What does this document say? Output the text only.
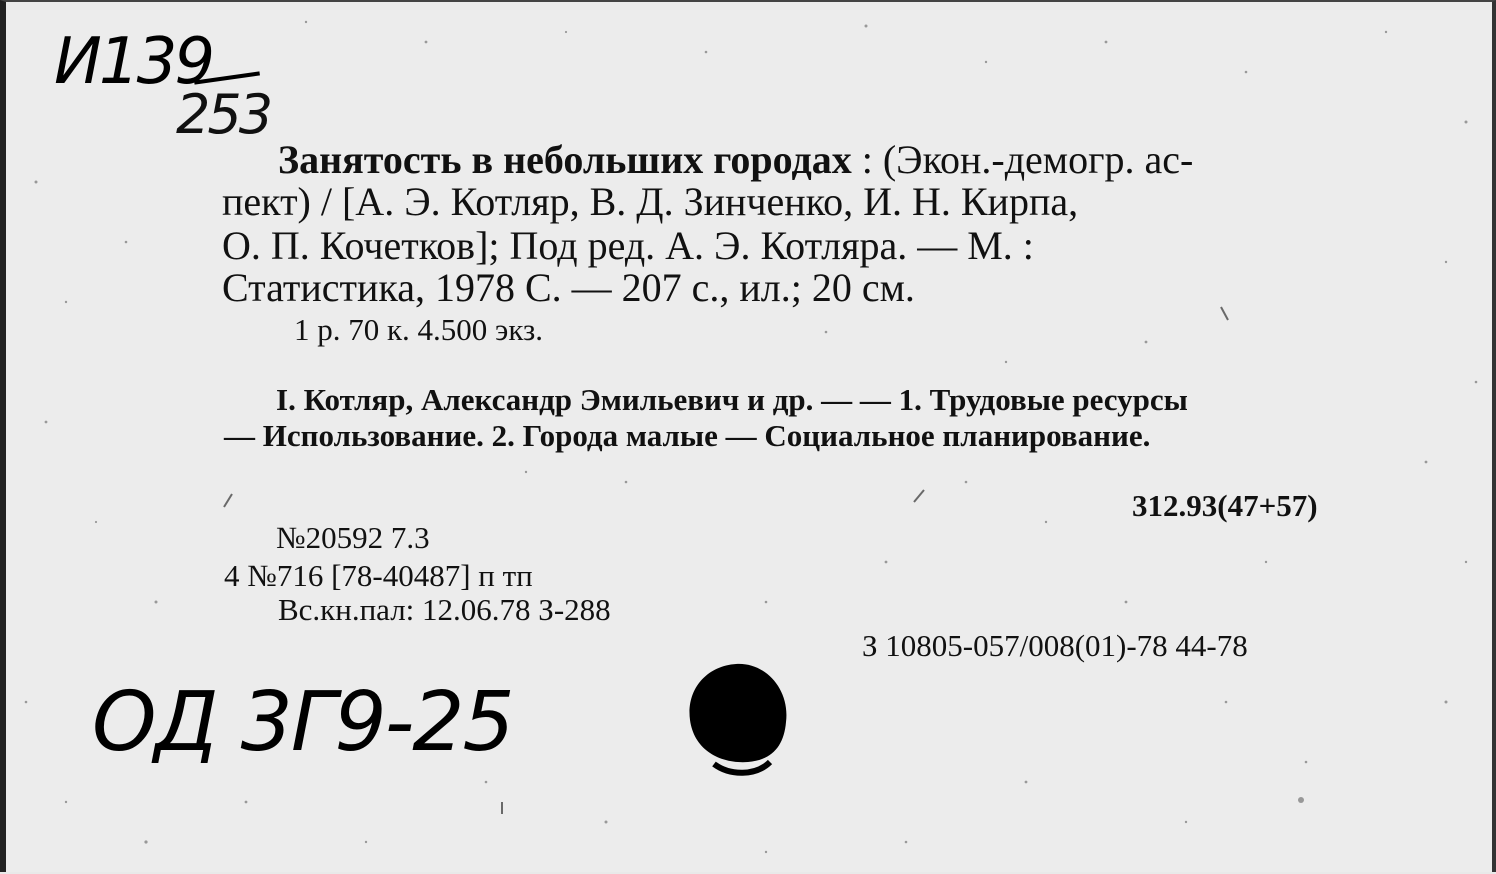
И139
253
Занятость в небольших городах : (Экон.-демогр. ас-
пект) / [А. Э. Котляр, В. Д. Зинченко, И. Н. Кирпа,
О. П. Кочетков]; Под ред. А. Э. Котляра. — М. :
Статистика, 1978 С. — 207 с., ил.; 20 см.
1 р. 70 к. 4.500 экз.
I. Котляр, Александр Эмильевич и др. — — 1. Трудовые ресурсы
— Использование. 2. Города малые — Социальное планирование.
312.93(47+57)
№20592 7.3
4 №716 [78-40487] п тп
Вс.кн.пал: 12.06.78 З-288
З 10805-057/008(01)-78 44-78
ОД 3Г9-25
